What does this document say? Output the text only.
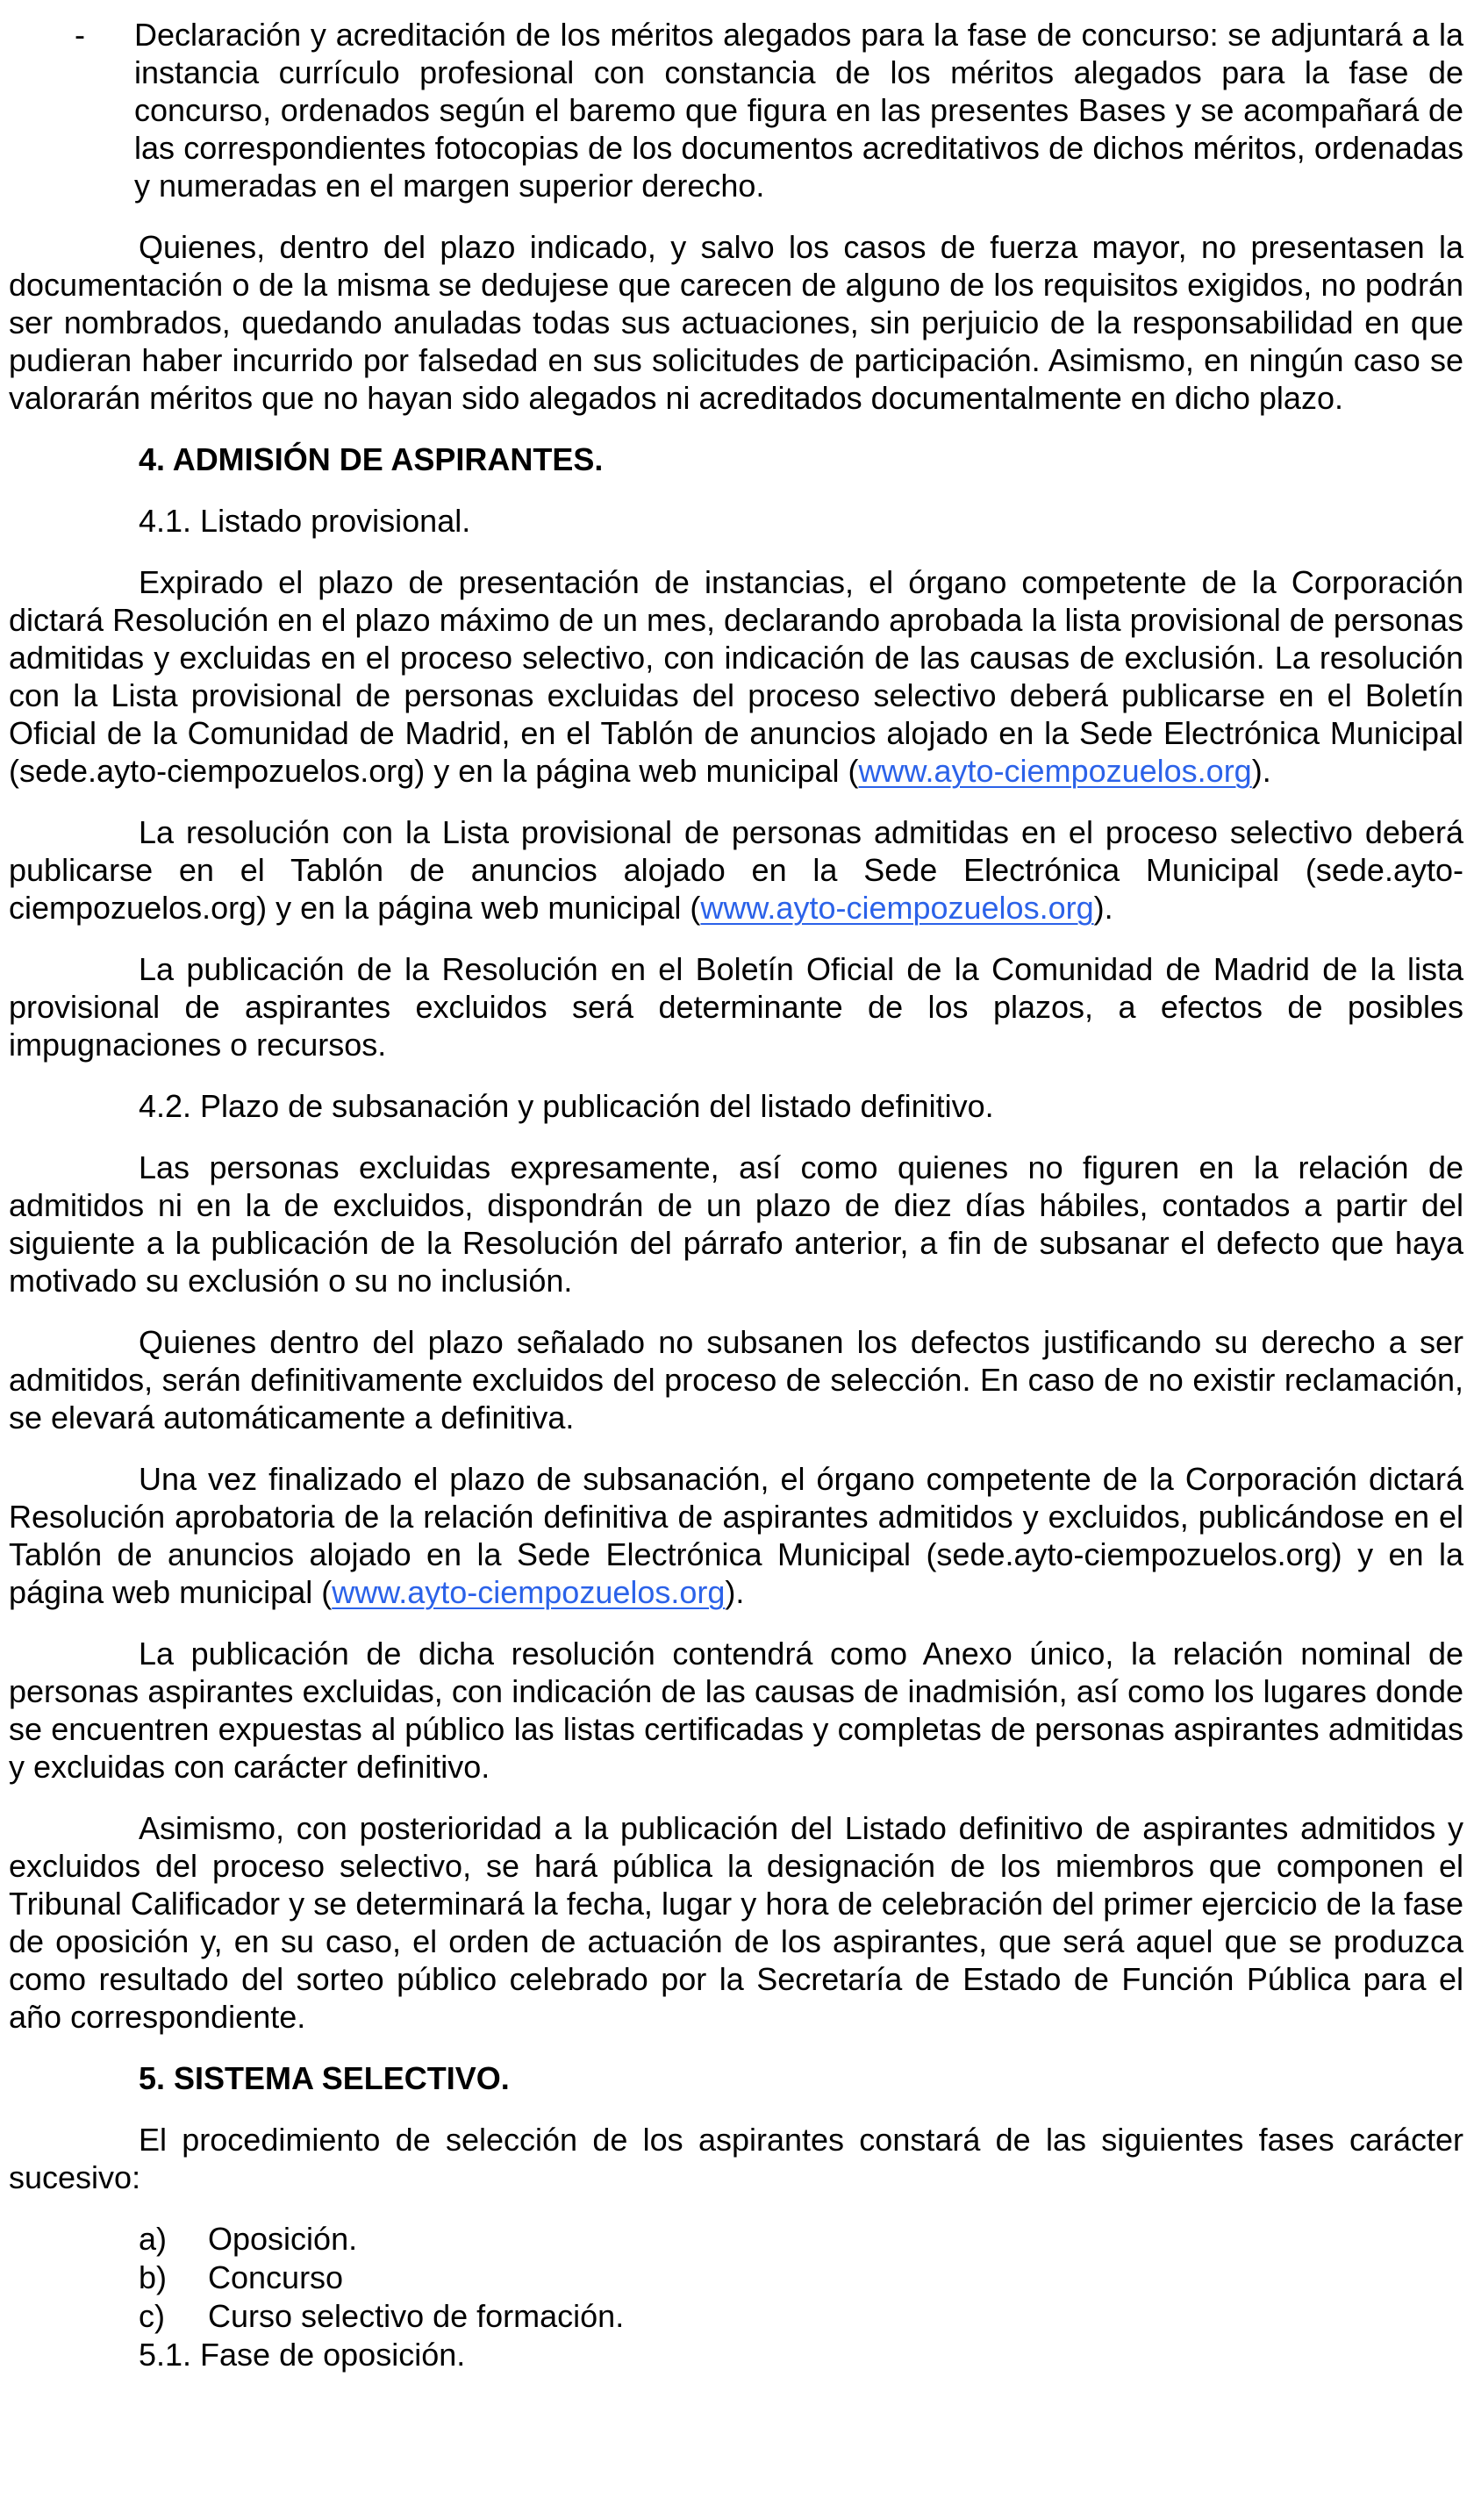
- Declaración y acreditación de los méritos alegados para la fase de concurso: se adjuntará a la instancia currículo profesional con constancia de los méritos alegados para la fase de concurso, ordenados según el baremo que figura en las presentes Bases y se acompañará de las correspondientes fotocopias de los documentos acreditativos de dichos méritos, ordenadas y numeradas en el margen superior derecho.
Quienes, dentro del plazo indicado, y salvo los casos de fuerza mayor, no presentasen la documentación o de la misma se dedujese que carecen de alguno de los requisitos exigidos, no podrán ser nombrados, quedando anuladas todas sus actuaciones, sin perjuicio de la responsabilidad en que pudieran haber incurrido por falsedad en sus solicitudes de participación. Asimismo, en ningún caso se valorarán méritos que no hayan sido alegados ni acreditados documentalmente en dicho plazo.
4. ADMISIÓN DE ASPIRANTES.
4.1. Listado provisional.
Expirado el plazo de presentación de instancias, el órgano competente de la Corporación dictará Resolución en el plazo máximo de un mes, declarando aprobada la lista provisional de personas admitidas y excluidas en el proceso selectivo, con indicación de las causas de exclusión. La resolución con la Lista provisional de personas excluidas del proceso selectivo deberá publicarse en el Boletín Oficial de la Comunidad de Madrid, en el Tablón de anuncios alojado en la Sede Electrónica Municipal (sede.ayto-ciempozuelos.org) y en la página web municipal (www.ayto-ciempozuelos.org).
La resolución con la Lista provisional de personas admitidas en el proceso selectivo deberá publicarse en el Tablón de anuncios alojado en la Sede Electrónica Municipal (sede.ayto-ciempozuelos.org) y en la página web municipal (www.ayto-ciempozuelos.org).
La publicación de la Resolución en el Boletín Oficial de la Comunidad de Madrid de la lista provisional de aspirantes excluidos será determinante de los plazos, a efectos de posibles impugnaciones o recursos.
4.2. Plazo de subsanación y publicación del listado definitivo.
Las personas excluidas expresamente, así como quienes no figuren en la relación de admitidos ni en la de excluidos, dispondrán de un plazo de diez días hábiles, contados a partir del siguiente a la publicación de la Resolución del párrafo anterior, a fin de subsanar el defecto que haya motivado su exclusión o su no inclusión.
Quienes dentro del plazo señalado no subsanen los defectos justificando su derecho a ser admitidos, serán definitivamente excluidos del proceso de selección. En caso de no existir reclamación, se elevará automáticamente a definitiva.
Una vez finalizado el plazo de subsanación, el órgano competente de la Corporación dictará Resolución aprobatoria de la relación definitiva de aspirantes admitidos y excluidos, publicándose en el Tablón de anuncios alojado en la Sede Electrónica Municipal (sede.ayto-ciempozuelos.org) y en la página web municipal (www.ayto-ciempozuelos.org).
La publicación de dicha resolución contendrá como Anexo único, la relación nominal de personas aspirantes excluidas, con indicación de las causas de inadmisión, así como los lugares donde se encuentren expuestas al público las listas certificadas y completas de personas aspirantes admitidas y excluidas con carácter definitivo.
Asimismo, con posterioridad a la publicación del Listado definitivo de aspirantes admitidos y excluidos del proceso selectivo, se hará pública la designación de los miembros que componen el Tribunal Calificador y se determinará la fecha, lugar y hora de celebración del primer ejercicio de la fase de oposición y, en su caso, el orden de actuación de los aspirantes, que será aquel que se produzca como resultado del sorteo público celebrado por la Secretaría de Estado de Función Pública para el año correspondiente.
5. SISTEMA SELECTIVO.
El procedimiento de selección de los aspirantes constará de las siguientes fases carácter sucesivo:
a) Oposición.
b) Concurso
c) Curso selectivo de formación.
5.1. Fase de oposición.
